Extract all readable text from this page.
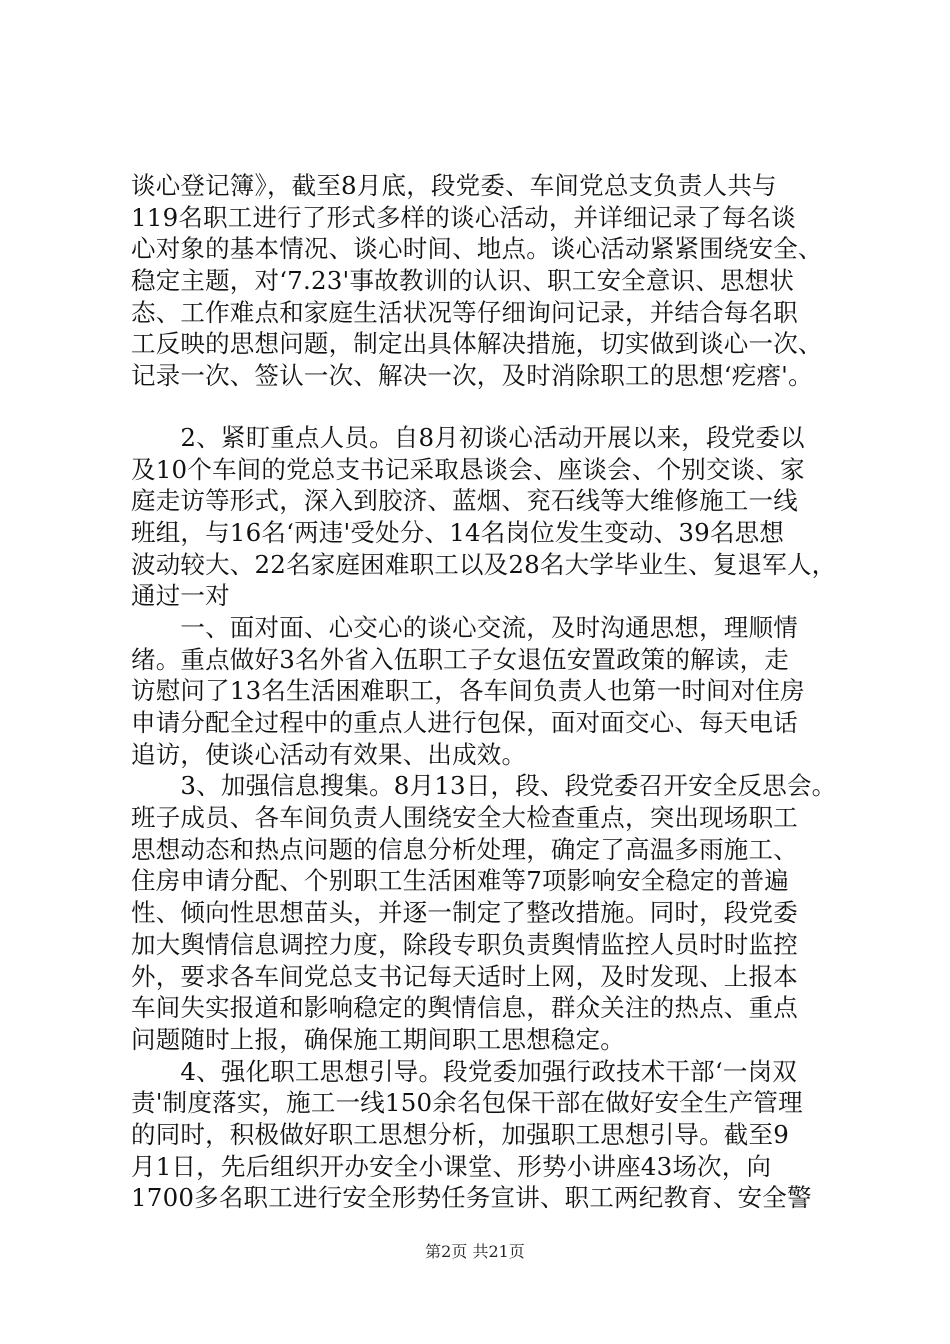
谈心登记簿》，截至8月底，段党委、车间党总支负责人共与
119名职工进行了形式多样的谈心活动，并详细记录了每名谈
心对象的基本情况、谈心时间、地点。谈心活动紧紧围绕安全、
稳定主题，对‘7.23'事故教训的认识、职工安全意识、思想状
态、工作难点和家庭生活状况等仔细询问记录，并结合每名职
工反映的思想问题，制定出具体解决措施，切实做到谈心一次、
记录一次、签认一次、解决一次，及时消除职工的思想‘疙瘩'。
　　2、紧盯重点人员。自8月初谈心活动开展以来，段党委以
及10个车间的党总支书记采取恳谈会、座谈会、个别交谈、家
庭走访等形式，深入到胶济、蓝烟、兖石线等大维修施工一线
班组，与16名‘两违'受处分、14名岗位发生变动、39名思想
波动较大、22名家庭困难职工以及28名大学毕业生、复退军人，
通过一对
　　一、面对面、心交心的谈心交流，及时沟通思想，理顺情
绪。重点做好3名外省入伍职工子女退伍安置政策的解读，走
访慰问了13名生活困难职工，各车间负责人也第一时间对住房
申请分配全过程中的重点人进行包保，面对面交心、每天电话
追访，使谈心活动有效果、出成效。
　　3、加强信息搜集。8月13日，段、段党委召开安全反思会。
班子成员、各车间负责人围绕安全大检查重点，突出现场职工
思想动态和热点问题的信息分析处理，确定了高温多雨施工、
住房申请分配、个别职工生活困难等7项影响安全稳定的普遍
性、倾向性思想苗头，并逐一制定了整改措施。同时，段党委
加大舆情信息调控力度，除段专职负责舆情监控人员时时监控
外，要求各车间党总支书记每天适时上网，及时发现、上报本
车间失实报道和影响稳定的舆情信息，群众关注的热点、重点
问题随时上报，确保施工期间职工思想稳定。
　　4、强化职工思想引导。段党委加强行政技术干部‘一岗双
责'制度落实，施工一线150余名包保干部在做好安全生产管理
的同时，积极做好职工思想分析，加强职工思想引导。截至9
月1日，先后组织开办安全小课堂、形势小讲座43场次，向
1700多名职工进行安全形势任务宣讲、职工两纪教育、安全警
第2页 共21页
